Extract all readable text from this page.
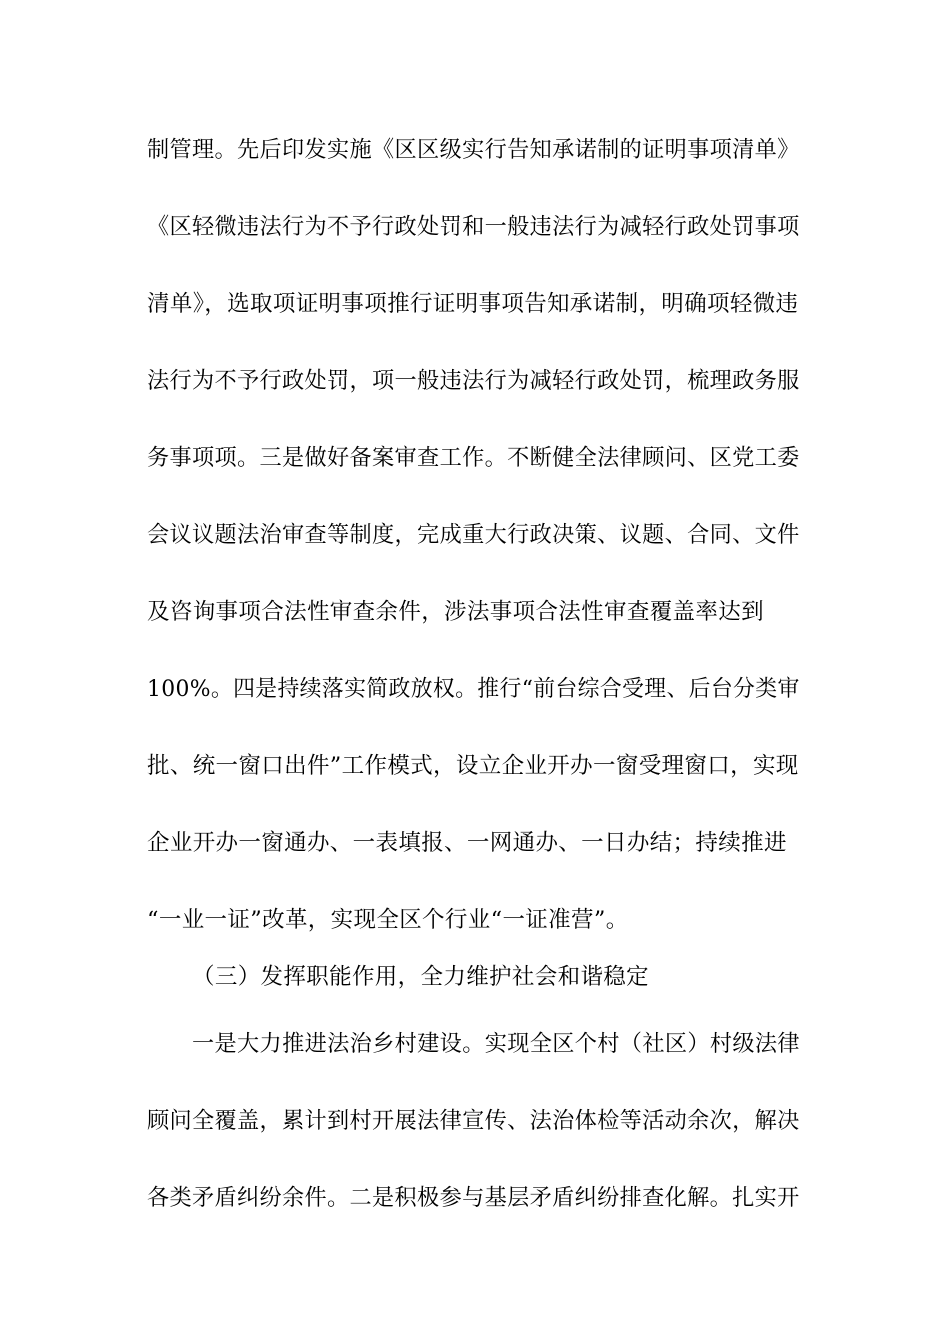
制管理。先后印发实施《区区级实行告知承诺制的证明事项清单》
《区轻微违法行为不予行政处罚和一般违法行为减轻行政处罚事项
清单》，选取项证明事项推行证明事项告知承诺制，明确项轻微违
法行为不予行政处罚，项一般违法行为减轻行政处罚，梳理政务服
务事项项。三是做好备案审查工作。不断健全法律顾问、区党工委
会议议题法治审查等制度，完成重大行政决策、议题、合同、文件
及咨询事项合法性审查余件，涉法事项合法性审查覆盖率达到
100%。四是持续落实简政放权。推行“前台综合受理、后台分类审
批、统一窗口出件”工作模式，设立企业开办一窗受理窗口，实现
企业开办一窗通办、一表填报、一网通办、一日办结；持续推进
“一业一证”改革，实现全区个行业“一证准营”。
（三）发挥职能作用，全力维护社会和谐稳定
一是大力推进法治乡村建设。实现全区个村（社区）村级法律
顾问全覆盖，累计到村开展法律宣传、法治体检等活动余次，解决
各类矛盾纠纷余件。二是积极参与基层矛盾纠纷排查化解。扎实开
